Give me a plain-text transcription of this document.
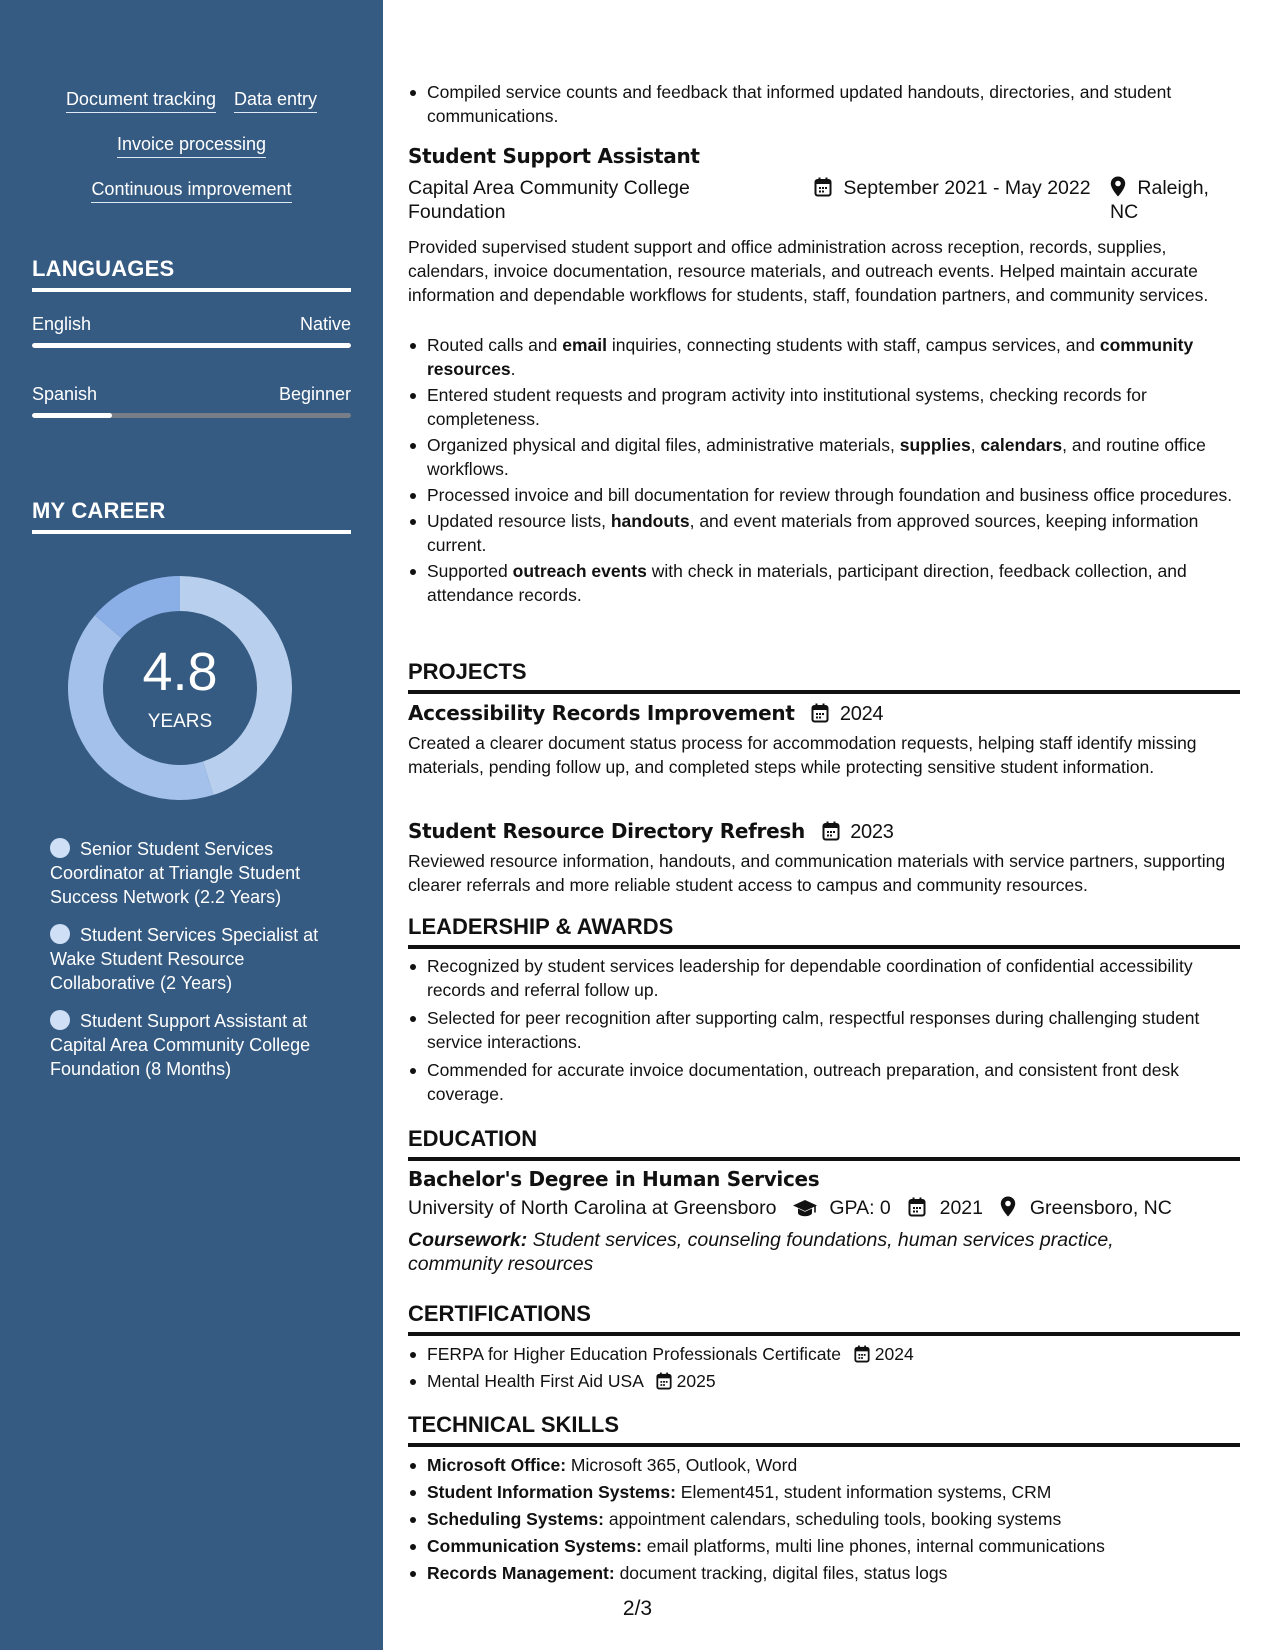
Document tracking Data entry
Invoice processing
Continuous improvement
LANGUAGES
English	Native
Spanish	Beginner
MY CAREER
4.8
YEARS
Senior Student Services Coordinator at Triangle Student Success Network (2.2 Years)
Student Services Specialist at Wake Student Resource Collaborative (2 Years)
Student Support Assistant at Capital Area Community College Foundation (8 Months)
Compiled service counts and feedback that informed updated handouts, directories, and student communications.
Student Support Assistant
Capital Area Community College
Foundation
September 2021 - May 2022	Raleigh,
NC
Provided supervised student support and office administration across reception, records, supplies, calendars, invoice documentation, resource materials, and outreach events. Helped maintain accurate information and dependable workflows for students, staff, foundation partners, and community services.
Routed calls and email inquiries, connecting students with staff, campus services, and community resources.
Entered student requests and program activity into institutional systems, checking records for completeness.
Organized physical and digital files, administrative materials, supplies, calendars, and routine office workflows.
Processed invoice and bill documentation for review through foundation and business office procedures.
Updated resource lists, handouts, and event materials from approved sources, keeping information current.
Supported outreach events with check in materials, participant direction, feedback collection, and attendance records.
PROJECTS
Accessibility Records Improvement 2024
Created a clearer document status process for accommodation requests, helping staff identify missing materials, pending follow up, and completed steps while protecting sensitive student information.
Student Resource Directory Refresh 2023
Reviewed resource information, handouts, and communication materials with service partners, supporting clearer referrals and more reliable student access to campus and community resources.
LEADERSHIP & AWARDS
Recognized by student services leadership for dependable coordination of confidential accessibility records and referral follow up.
Selected for peer recognition after supporting calm, respectful responses during challenging student service interactions.
Commended for accurate invoice documentation, outreach preparation, and consistent front desk coverage.
EDUCATION
Bachelor's Degree in Human Services
University of North Carolina at Greensboro	GPA: 0	2021 Greensboro, NC
Coursework: Student services, counseling foundations, human services practice, community resources
CERTIFICATIONS
FERPA for Higher Education Professionals Certificate 2024
Mental Health First Aid USA 2025
TECHNICAL SKILLS
Microsoft Office: Microsoft 365, Outlook, Word
Student Information Systems: Element451, student information systems, CRM
Scheduling Systems: appointment calendars, scheduling tools, booking systems
Communication Systems: email platforms, multi line phones, internal communications
Records Management: document tracking, digital files, status logs
2/3
